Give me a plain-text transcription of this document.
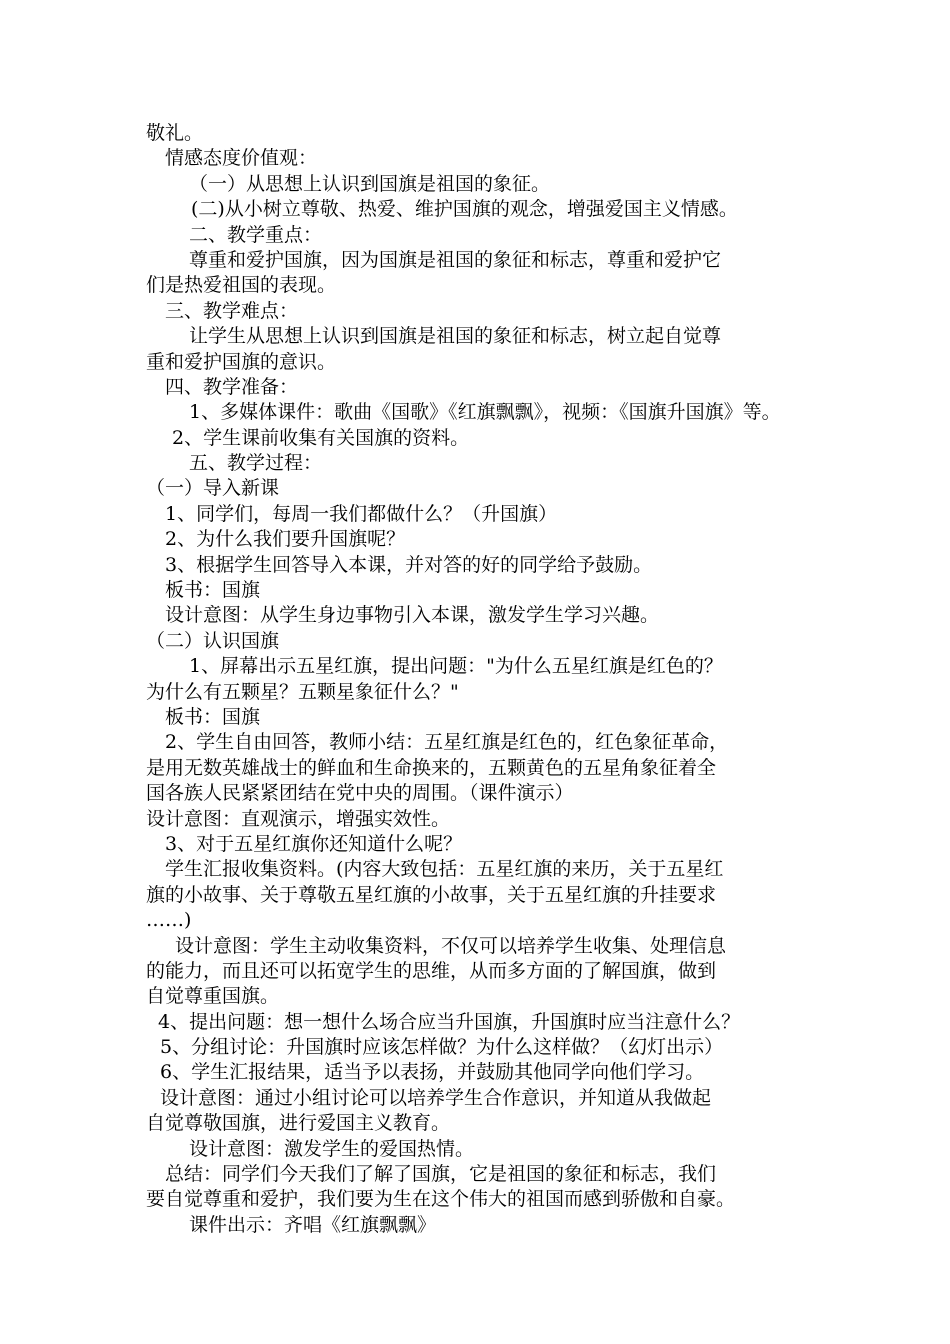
敬礼。
情感态度价值观：
（一）从思想上认识到国旗是祖国的象征。
(二)从小树立尊敬、热爱、维护国旗的观念，增强爱国主义情感。
二、教学重点：
尊重和爱护国旗，因为国旗是祖国的象征和标志，尊重和爱护它
们是热爱祖国的表现。
三、教学难点：
让学生从思想上认识到国旗是祖国的象征和标志，树立起自觉尊
重和爱护国旗的意识。
四、教学准备：
1、多媒体课件：歌曲《国歌》《红旗飘飘》，视频：《国旗升国旗》等。
2、学生课前收集有关国旗的资料。
五、教学过程：
（一）导入新课
1、同学们，每周一我们都做什么？（升国旗）
2、为什么我们要升国旗呢？
3、根据学生回答导入本课，并对答的好的同学给予鼓励。
板书：国旗
设计意图：从学生身边事物引入本课，激发学生学习兴趣。
（二）认识国旗
1、屏幕出示五星红旗，提出问题："为什么五星红旗是红色的？
为什么有五颗星？五颗星象征什么？"
板书：国旗
2、学生自由回答，教师小结：五星红旗是红色的，红色象征革命，
是用无数英雄战士的鲜血和生命换来的，五颗黄色的五星角象征着全
国各族人民紧紧团结在党中央的周围。（课件演示）
设计意图：直观演示，增强实效性。
3、对于五星红旗你还知道什么呢？
学生汇报收集资料。(内容大致包括：五星红旗的来历，关于五星红
旗的小故事、关于尊敬五星红旗的小故事，关于五星红旗的升挂要求
……)
设计意图：学生主动收集资料，不仅可以培养学生收集、处理信息
的能力，而且还可以拓宽学生的思维，从而多方面的了解国旗，做到
自觉尊重国旗。
4、提出问题：想一想什么场合应当升国旗，升国旗时应当注意什么？
5、分组讨论：升国旗时应该怎样做？为什么这样做？（幻灯出示）
6、学生汇报结果，适当予以表扬，并鼓励其他同学向他们学习。
设计意图：通过小组讨论可以培养学生合作意识，并知道从我做起
自觉尊敬国旗，进行爱国主义教育。
设计意图：激发学生的爱国热情。
总结：同学们今天我们了解了国旗，它是祖国的象征和标志，我们
要自觉尊重和爱护，我们要为生在这个伟大的祖国而感到骄傲和自豪。
课件出示：齐唱《红旗飘飘》
